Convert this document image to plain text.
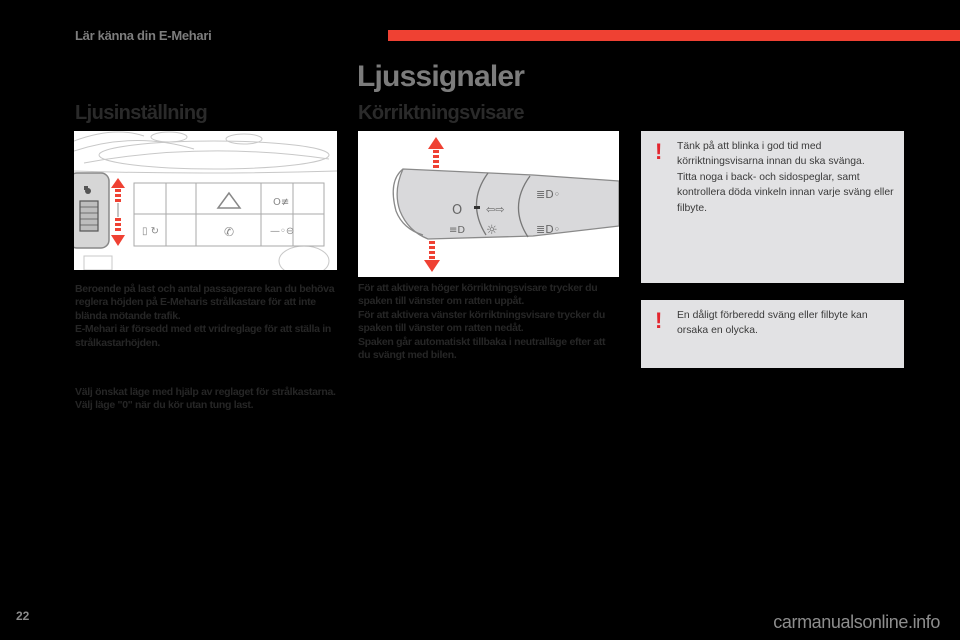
Lär känna din E-Mehari
Ljussignaler
Ljusinställning	Körriktningsvisare
O≢
▯ ↻	✆	—◦⊖
O
≡D
⇦⇨
☼
≣D◦
≣D◦

Beroende på last och antal passagerare kan du behöva reglera höjden på E-Meharis strålkastare för att inte blända mötande trafik.

E-Mehari är försedd med ett vridreglage för att ställa in strålkastarhöjden.

Välj önskat läge med hjälp av reglaget för strålkastarna.

Välj läge "0" när du kör utan tung last.

För att aktivera höger körriktningsvisare trycker du spaken till vänster om ratten uppåt.

För att aktivera vänster körriktningsvisare trycker du spaken till vänster om ratten nedåt.

Spaken går automatiskt tillbaka i neutralläge efter att du svängt med bilen.

! Tänk på att blinka i god tid med körriktningsvisarna innan du ska svänga.

Titta noga i back- och sidospeglar, samt kontrollera döda vinkeln innan varje sväng eller filbyte.

! En dåligt förberedd sväng eller filbyte kan orsaka en olycka.

22	carmanualsonline.info
